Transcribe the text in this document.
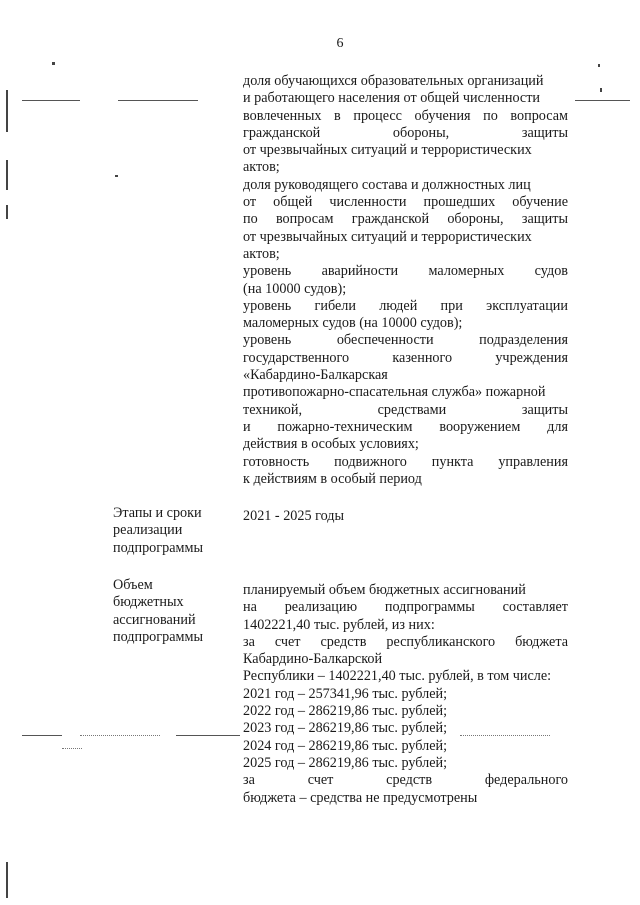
6
доля обучающихся образовательных организаций
и работающего населения от общей численности
вовлеченных в процесс обучения по вопросам
гражданской обороны, защиты
от чрезвычайных ситуаций и террористических
актов;
доля руководящего состава и должностных лиц
от общей численности прошедших обучение
по вопросам гражданской обороны, защиты
от чрезвычайных ситуаций и террористических
актов;
уровень аварийности маломерных судов
(на 10000 судов);
уровень гибели людей при эксплуатации
маломерных судов (на 10000 судов);
уровень обеспеченности подразделения
государственного казенного учреждения
«Кабардино-Балкарская
противопожарно-спасательная служба» пожарной
техникой, средствами защиты
и пожарно-техническим вооружением для
действия в особых условиях;
готовность подвижного пункта управления
к действиям в особый период
Этапы и сроки
реализации
подпрограммы
2021 - 2025 годы
Объем
бюджетных
ассигнований
подпрограммы
планируемый объем бюджетных ассигнований
на реализацию подпрограммы составляет
1402221,40 тыс. рублей, из них:
за счет средств республиканского бюджета
Кабардино-Балкарской
Республики – 1402221,40 тыс. рублей, в том числе:
2021 год – 257341,96 тыс. рублей;
2022 год – 286219,86 тыс. рублей;
2023 год – 286219,86 тыс. рублей;
2024 год – 286219,86 тыс. рублей;
2025 год – 286219,86 тыс. рублей;
за счет средств федерального
бюджета – средства не предусмотрены
